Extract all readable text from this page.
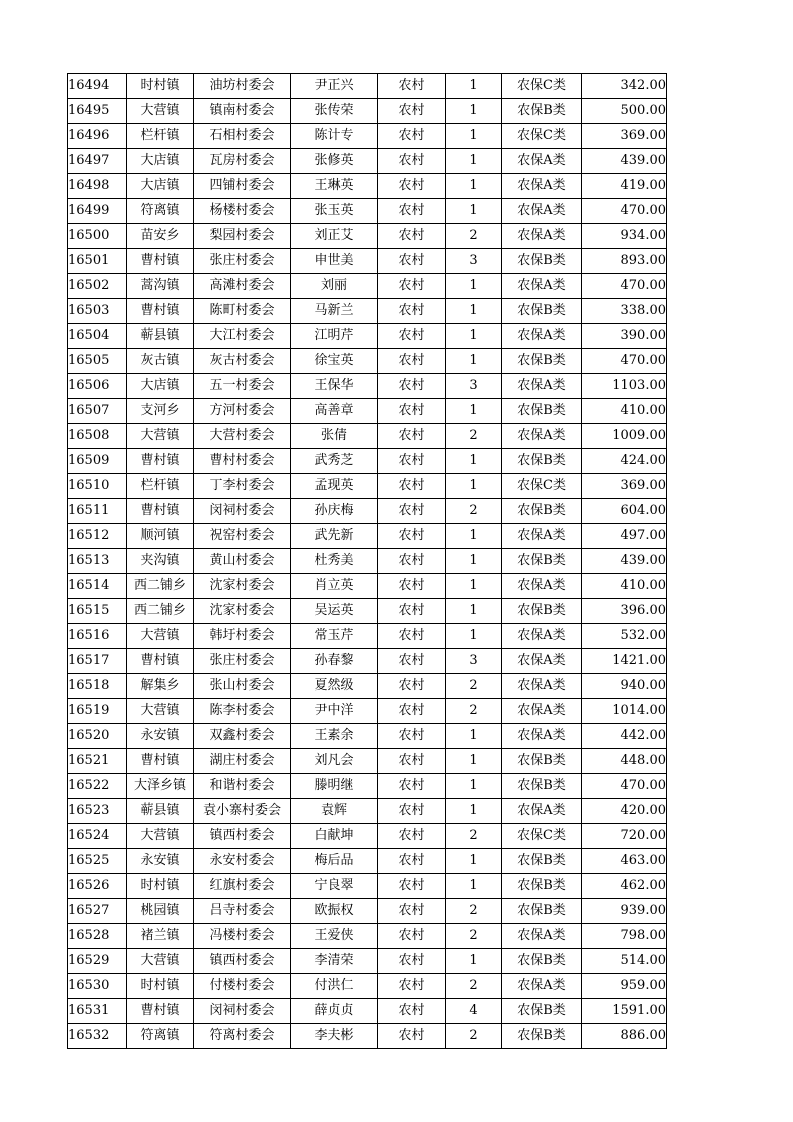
16494	时村镇	油坊村委会	尹正兴	农村	1	农保C类	342.00
16495	大营镇	镇南村委会	张传荣	农村	1	农保B类	500.00
16496	栏杆镇	石相村委会	陈计专	农村	1	农保C类	369.00
16497	大店镇	瓦房村委会	张修英	农村	1	农保A类	439.00
16498	大店镇	四铺村委会	王琳英	农村	1	农保A类	419.00
16499	符离镇	杨楼村委会	张玉英	农村	1	农保A类	470.00
16500	苗安乡	梨园村委会	刘正艾	农村	2	农保A类	934.00
16501	曹村镇	张庄村委会	申世美	农村	3	农保B类	893.00
16502	蒿沟镇	高滩村委会	刘丽	农村	1	农保A类	470.00
16503	曹村镇	陈町村委会	马新兰	农村	1	农保B类	338.00
16504	蕲县镇	大江村委会	江明芹	农村	1	农保A类	390.00
16505	灰古镇	灰古村委会	徐宝英	农村	1	农保B类	470.00
16506	大店镇	五一村委会	王保华	农村	3	农保A类	1103.00
16507	支河乡	方河村委会	高善章	农村	1	农保B类	410.00
16508	大营镇	大营村委会	张倩	农村	2	农保A类	1009.00
16509	曹村镇	曹村村委会	武秀芝	农村	1	农保B类	424.00
16510	栏杆镇	丁李村委会	孟现英	农村	1	农保C类	369.00
16511	曹村镇	闵祠村委会	孙庆梅	农村	2	农保B类	604.00
16512	顺河镇	祝窑村委会	武先新	农村	1	农保A类	497.00
16513	夹沟镇	黄山村委会	杜秀美	农村	1	农保B类	439.00
16514	西二铺乡	沈家村委会	肖立英	农村	1	农保A类	410.00
16515	西二铺乡	沈家村委会	吴运英	农村	1	农保B类	396.00
16516	大营镇	韩圩村委会	常玉芹	农村	1	农保A类	532.00
16517	曹村镇	张庄村委会	孙春黎	农村	3	农保A类	1421.00
16518	解集乡	张山村委会	夏然级	农村	2	农保A类	940.00
16519	大营镇	陈李村委会	尹中洋	农村	2	农保A类	1014.00
16520	永安镇	双鑫村委会	王素余	农村	1	农保A类	442.00
16521	曹村镇	湖庄村委会	刘凡会	农村	1	农保B类	448.00
16522	大泽乡镇	和谐村委会	滕明继	农村	1	农保B类	470.00
16523	蕲县镇	袁小寨村委会	袁辉	农村	1	农保A类	420.00
16524	大营镇	镇西村委会	白献坤	农村	2	农保C类	720.00
16525	永安镇	永安村委会	梅后品	农村	1	农保B类	463.00
16526	时村镇	红旗村委会	宁良翠	农村	1	农保B类	462.00
16527	桃园镇	吕寺村委会	欧振权	农村	2	农保B类	939.00
16528	褚兰镇	冯楼村委会	王爱侠	农村	2	农保A类	798.00
16529	大营镇	镇西村委会	李清荣	农村	1	农保B类	514.00
16530	时村镇	付楼村委会	付洪仁	农村	2	农保A类	959.00
16531	曹村镇	闵祠村委会	薛贞贞	农村	4	农保B类	1591.00
16532	符离镇	符离村委会	李夫彬	农村	2	农保B类	886.00
